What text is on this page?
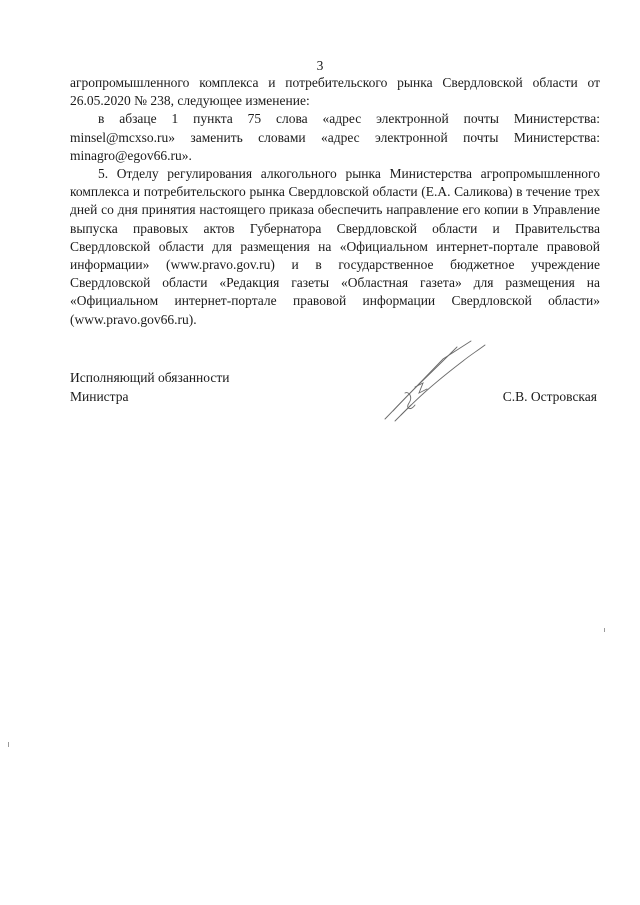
3

агропромышленного комплекса и потребительского рынка Свердловской области от 26.05.2020 № 238, следующее изменение:

в абзаце 1 пункта 75 слова «адрес электронной почты Министерства: minsel@mcxso.ru» заменить словами «адрес электронной почты Министерства: minagro@egov66.ru».

5. Отделу регулирования алкогольного рынка Министерства агропромышленного комплекса и потребительского рынка Свердловской области (Е.А. Саликова) в течение трех дней со дня принятия настоящего приказа обеспечить направление его копии в Управление выпуска правовых актов Губернатора Свердловской области и Правительства Свердловской области для размещения на «Официальном интернет-портале правовой информации» (www.pravo.gov.ru) и в государственное бюджетное учреждение Свердловской области «Редакция газеты «Областная газета» для размещения на «Официальном интернет-портале правовой информации Свердловской области» (www.pravo.gov66.ru).

Исполняющий обязанности
Министра	С.В. Островская
